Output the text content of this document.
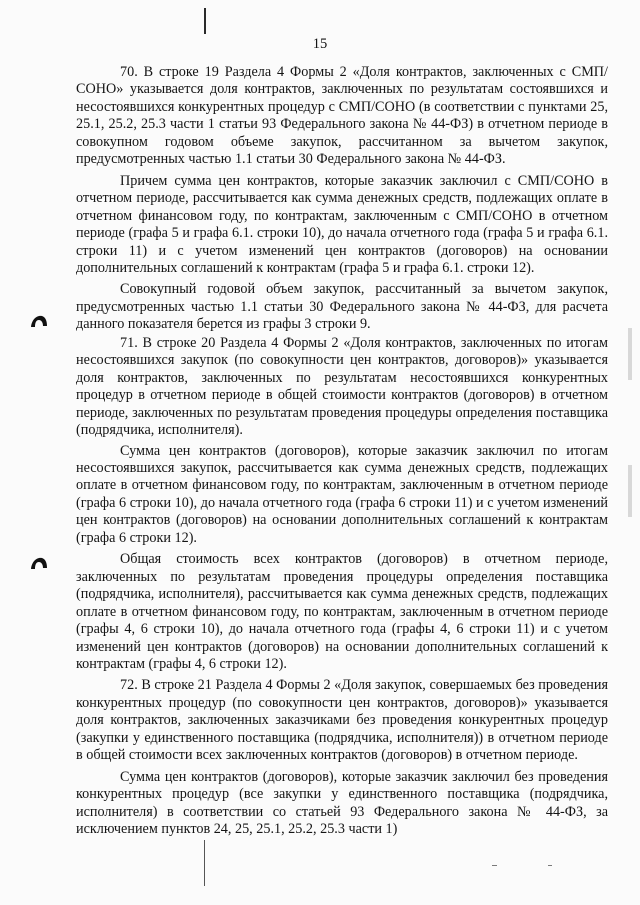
15

70. В строке 19 Раздела 4 Формы 2 «Доля контрактов, заключенных с СМП/СОНО» указывается доля контрактов, заключенных по результатам состоявшихся и несостоявшихся конкурентных процедур с СМП/СОНО (в соответствии с пунктами 25, 25.1, 25.2, 25.3 части 1 статьи 93 Федерального закона № 44-ФЗ) в отчетном периоде в совокупном годовом объеме закупок, рассчитанном за вычетом закупок, предусмотренных частью 1.1 статьи 30 Федерального закона № 44-ФЗ.

Причем сумма цен контрактов, которые заказчик заключил с СМП/СОНО в отчетном периоде, рассчитывается как сумма денежных средств, подлежащих оплате в отчетном финансовом году, по контрактам, заключенным с СМП/СОНО в отчетном периоде (графа 5 и графа 6.1. строки 10), до начала отчетного года (графа 5 и графа 6.1. строки 11) и с учетом изменений цен контрактов (договоров) на основании дополнительных соглашений к контрактам (графа 5 и графа 6.1. строки 12).

Совокупный годовой объем закупок, рассчитанный за вычетом закупок, предусмотренных частью 1.1 статьи 30 Федерального закона № 44-ФЗ, для расчета данного показателя берется из графы 3 строки 9.

71. В строке 20 Раздела 4 Формы 2 «Доля контрактов, заключенных по итогам несостоявшихся закупок (по совокупности цен контрактов, договоров)» указывается доля контрактов, заключенных по результатам несостоявшихся конкурентных процедур в отчетном периоде в общей стоимости контрактов (договоров) в отчетном периоде, заключенных по результатам проведения процедуры определения поставщика (подрядчика, исполнителя).

Сумма цен контрактов (договоров), которые заказчик заключил по итогам несостоявшихся закупок, рассчитывается как сумма денежных средств, подлежащих оплате в отчетном финансовом году, по контрактам, заключенным в отчетном периоде (графа 6 строки 10), до начала отчетного года (графа 6 строки 11) и с учетом изменений цен контрактов (договоров) на основании дополнительных соглашений к контрактам (графа 6 строки 12).

Общая стоимость всех контрактов (договоров) в отчетном периоде, заключенных по результатам проведения процедуры определения поставщика (подрядчика, исполнителя), рассчитывается как сумма денежных средств, подлежащих оплате в отчетном финансовом году, по контрактам, заключенным в отчетном периоде (графы 4, 6 строки 10), до начала отчетного года (графы 4, 6 строки 11) и с учетом изменений цен контрактов (договоров) на основании дополнительных соглашений к контрактам (графы 4, 6 строки 12).

72. В строке 21 Раздела 4 Формы 2 «Доля закупок, совершаемых без проведения конкурентных процедур (по совокупности цен контрактов, договоров)» указывается доля контрактов, заключенных заказчиками без проведения конкурентных процедур (закупки у единственного поставщика (подрядчика, исполнителя)) в отчетном периоде в общей стоимости всех заключенных контрактов (договоров) в отчетном периоде.

Сумма цен контрактов (договоров), которые заказчик заключил без проведения конкурентных процедур (все закупки у единственного поставщика (подрядчика, исполнителя) в соответствии со статьей 93 Федерального закона № 44-ФЗ, за исключением пунктов 24, 25, 25.1, 25.2, 25.3 части 1)
